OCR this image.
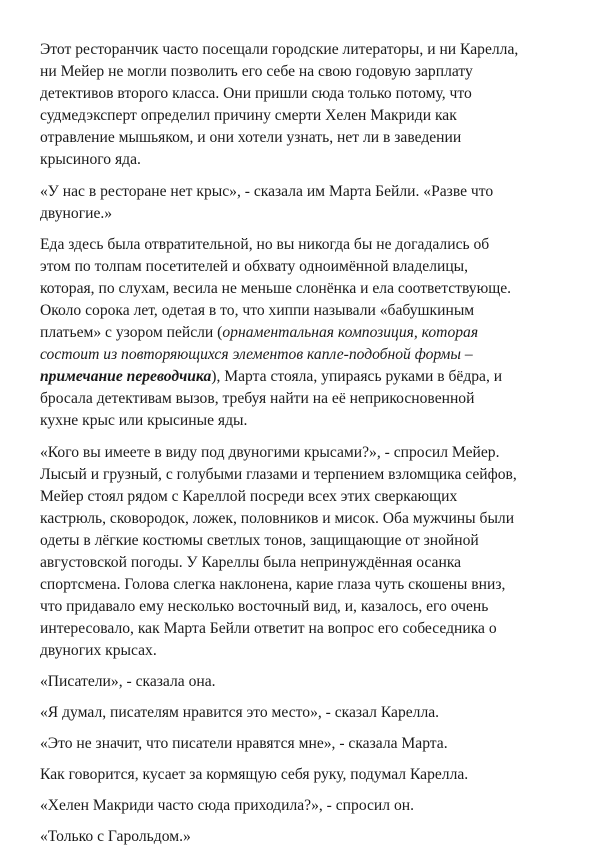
Этот ресторанчик часто посещали городские литераторы, и ни Карелла,
ни Мейер не могли позволить его себе на свою годовую зарплату
детективов второго класса. Они пришли сюда только потому, что
судмедэксперт определил причину смерти Хелен Макриди как
отравление мышьяком, и они хотели узнать, нет ли в заведении
крысиного яда.
«У нас в ресторане нет крыс», - сказала им Марта Бейли. «Разве что
двуногие.»
Еда здесь была отвратительной, но вы никогда бы не догадались об
этом по толпам посетителей и обхвату одноимённой владелицы,
которая, по слухам, весила не меньше слонёнка и ела соответствующе.
Около сорока лет, одетая в то, что хиппи называли «бабушкиным
платьем» с узором пейсли (орнаментальная композиция, которая
состоит из повторяющихся элементов капле-подобной формы –
примечание переводчика), Марта стояла, упираясь руками в бёдра, и
бросала детективам вызов, требуя найти на её неприкосновенной
кухне крыс или крысиные яды.
«Кого вы имеете в виду под двуногими крысами?», - спросил Мейер.
Лысый и грузный, с голубыми глазами и терпением взломщика сейфов,
Мейер стоял рядом с Кареллой посреди всех этих сверкающих
кастрюль, сковородок, ложек, половников и мисок. Оба мужчины были
одеты в лёгкие костюмы светлых тонов, защищающие от знойной
августовской погоды. У Кареллы была непринуждённая осанка
спортсмена. Голова слегка наклонена, карие глаза чуть скошены вниз,
что придавало ему несколько восточный вид, и, казалось, его очень
интересовало, как Марта Бейли ответит на вопрос его собеседника о
двуногих крысах.
«Писатели», - сказала она.
«Я думал, писателям нравится это место», - сказал Карелла.
«Это не значит, что писатели нравятся мне», - сказала Марта.
Как говорится, кусает за кормящую себя руку, подумал Карелла.
«Хелен Макриди часто сюда приходила?», - спросил он.
«Только с Гарольдом.»
